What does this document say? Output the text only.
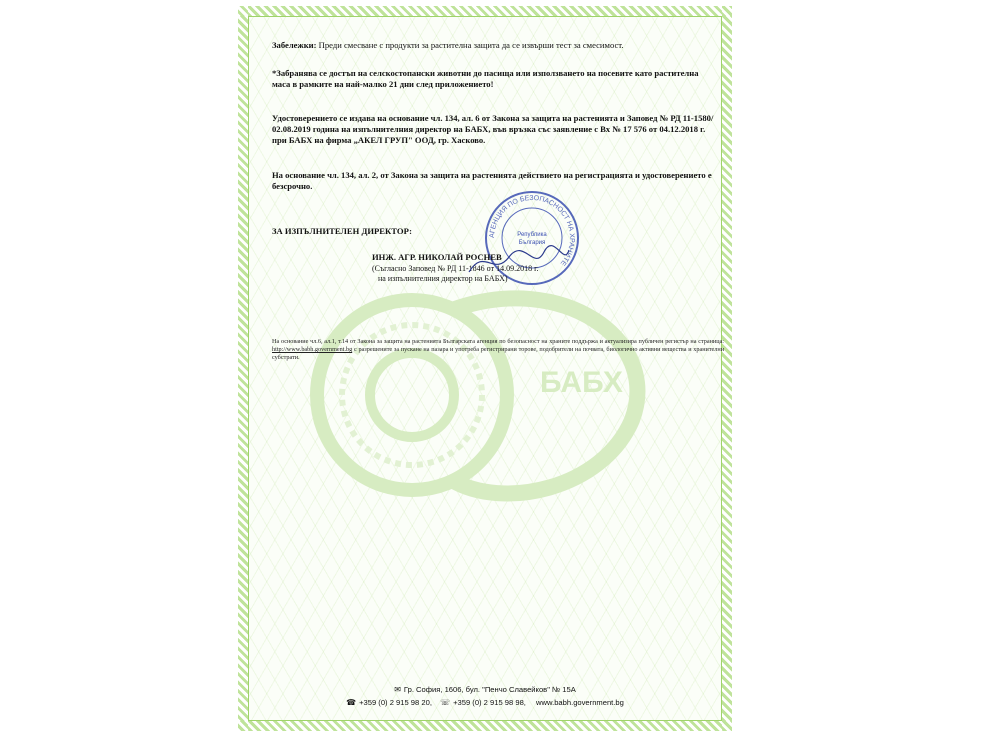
БАБХ
Забележки: Преди смесване с продукти за растителна защита да се извърши тест за смесимост.
*Забранява се достъп на селскостопански животни до пасища или използването на посевите като растителна маса в рамките на най-малко 21 дни след приложението!
Удостоверението се издава на основание чл. 134, ал. 6 от Закона за защита на растенията и Заповед № РД 11-1580/ 02.08.2019 година на изпълнителния директор на БАБХ, във връзка със заявление с Вх № 17 576 от 04.12.2018 г. при БАБХ на фирма „АКЕЛ ГРУП" ООД, гр. Хасково.
На основание чл. 134, ал. 2, от Закона за защита на растенията действието на регистрацията и удостоверението е безсрочно.
ЗА ИЗПЪЛНИТЕЛЕН ДИРЕКТОР:	АГЕНЦИЯ ПО БЕЗОПАСНОСТ НА ХРАНИТЕ
Република
България
ИНЖ. АГР. НИКОЛАЙ РОСНЕВ
(Съгласно Заповед № РД 11-1846 от 14.09.2018 г.
на изпълнителния директор на БАБХ)
На основание чл.6, ал.1, т.14 от Закона за защита на растенията Българската агенция по безопасност на храните поддържа и актуализира публичен регистър на страница: http://www.babh.government.bg с разрешените за пускане на пазара и употреба регистрирани торове, подобрители на почвата, биологично активни вещества и хранителни субстрати.
✉ Гр. София, 1606, бул. "Пенчо Славейков" № 15А
☎ +359 (0) 2 915 98 20, ☏ +359 (0) 2 915 98 98, www.babh.government.bg
